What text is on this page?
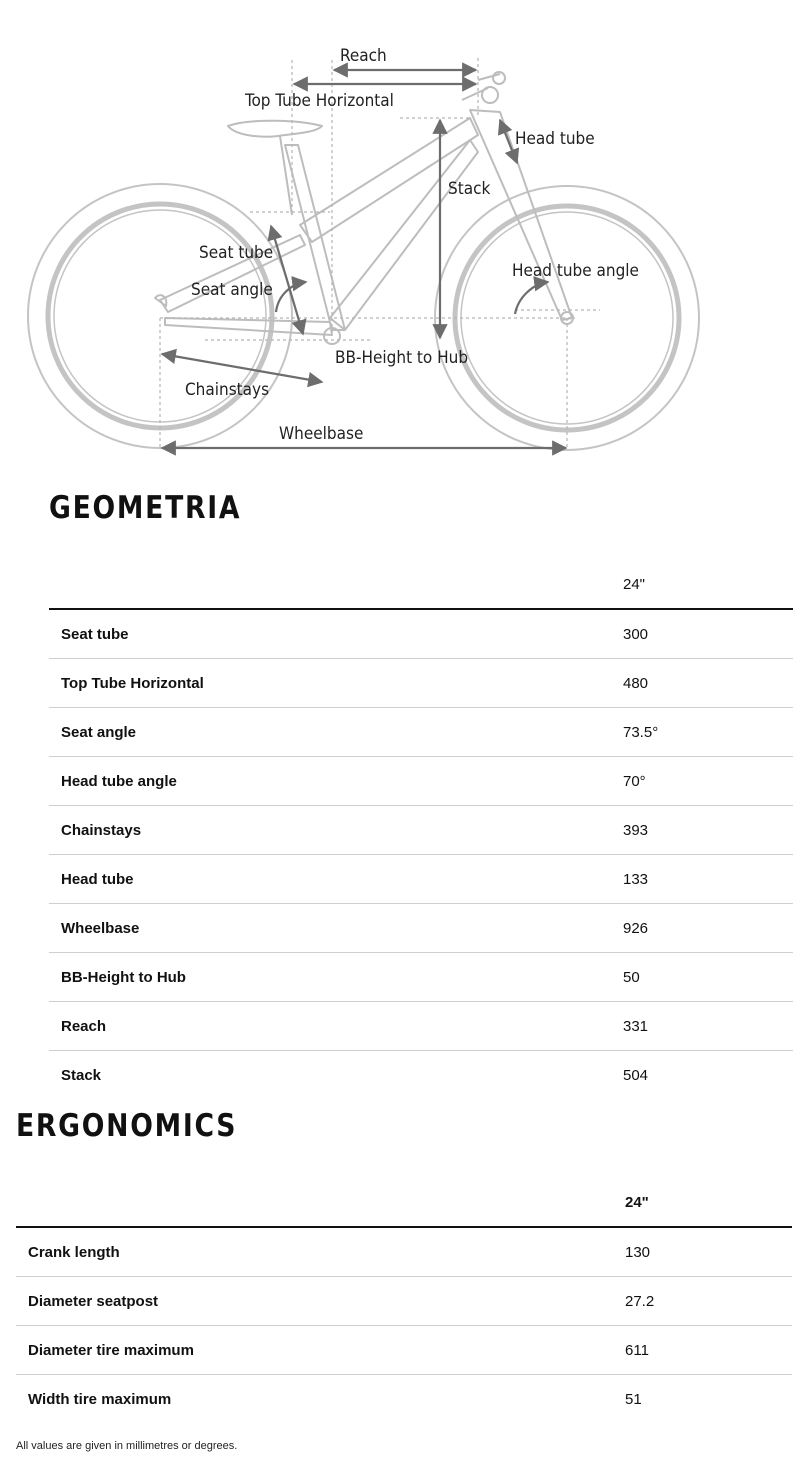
Reach
Top Tube Horizontal
Head tube
Stack
Seat tube
Seat angle
Head tube angle
BB-Height to Hub
Chainstays
Wheelbase
GEOMETRIA
	24"
Seat tube	300
Top Tube Horizontal	480
Seat angle	73.5°
Head tube angle	70°
Chainstays	393
Head tube	133
Wheelbase	926
BB-Height to Hub	50
Reach	331
Stack	504
ERGONOMICS
	24"
Crank length	130
Diameter seatpost	27.2
Diameter tire maximum	611
Width tire maximum	51

All values are given in millimetres or degrees.
